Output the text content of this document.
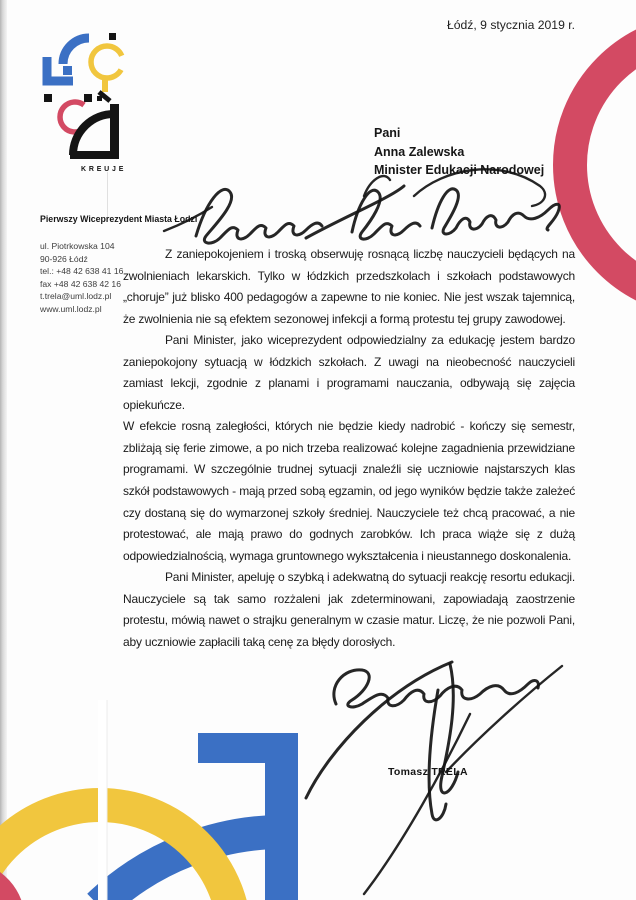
KREUJE
Łódź, 9 stycznia 2019 r.
Pani
Anna Zalewska
Minister Edukacji Narodowej
Pierwszy Wiceprezydent Miasta Łodzi
ul. Piotrkowska 104
90-926 Łódź
tel.: +48 42 638 41 16
fax +48 42 638 42 16
t.trela@uml.lodz.pl
www.uml.lodz.pl

Z zaniepokojeniem i troską obserwuję rosnącą liczbę nauczycieli będących na zwolnieniach lekarskich. Tylko w łódzkich przedszkolach i szkołach podstawowych „choruje” już blisko 400 pedagogów a zapewne to nie koniec. Nie jest wszak tajemnicą, że zwolnienia nie są efektem sezonowej infekcji a formą protestu tej grupy zawodowej.

Pani Minister, jako wiceprezydent odpowiedzialny za edukację jestem bardzo zaniepokojony sytuacją w łódzkich szkołach. Z uwagi na nieobecność nauczycieli zamiast lekcji, zgodnie z planami i programami nauczania, odbywają się zajęcia opiekuńcze.

W efekcie rosną zaległości, których nie będzie kiedy nadrobić - kończy się semestr, zbliżają się ferie zimowe, a po nich trzeba realizować kolejne zagadnienia przewidziane programami. W szczególnie trudnej sytuacji znaleźli się uczniowie najstarszych klas szkół podstawowych - mają przed sobą egzamin, od jego wyników będzie także zależeć czy dostaną się do wymarzonej szkoły średniej. Nauczyciele też chcą pracować, a nie protestować, ale mają prawo do godnych zarobków. Ich praca wiąże się z dużą odpowiedzialnością, wymaga gruntownego wykształcenia i nieustannego doskonalenia.

Pani Minister, apeluję o szybką i adekwatną do sytuacji reakcję resortu edukacji. Nauczyciele są tak samo rozżaleni jak zdeterminowani, zapowiadają zaostrzenie protestu, mówią nawet o strajku generalnym w czasie matur. Liczę, że nie pozwoli Pani, aby uczniowie zapłacili taką cenę za błędy dorosłych.

Tomasz TRELA
